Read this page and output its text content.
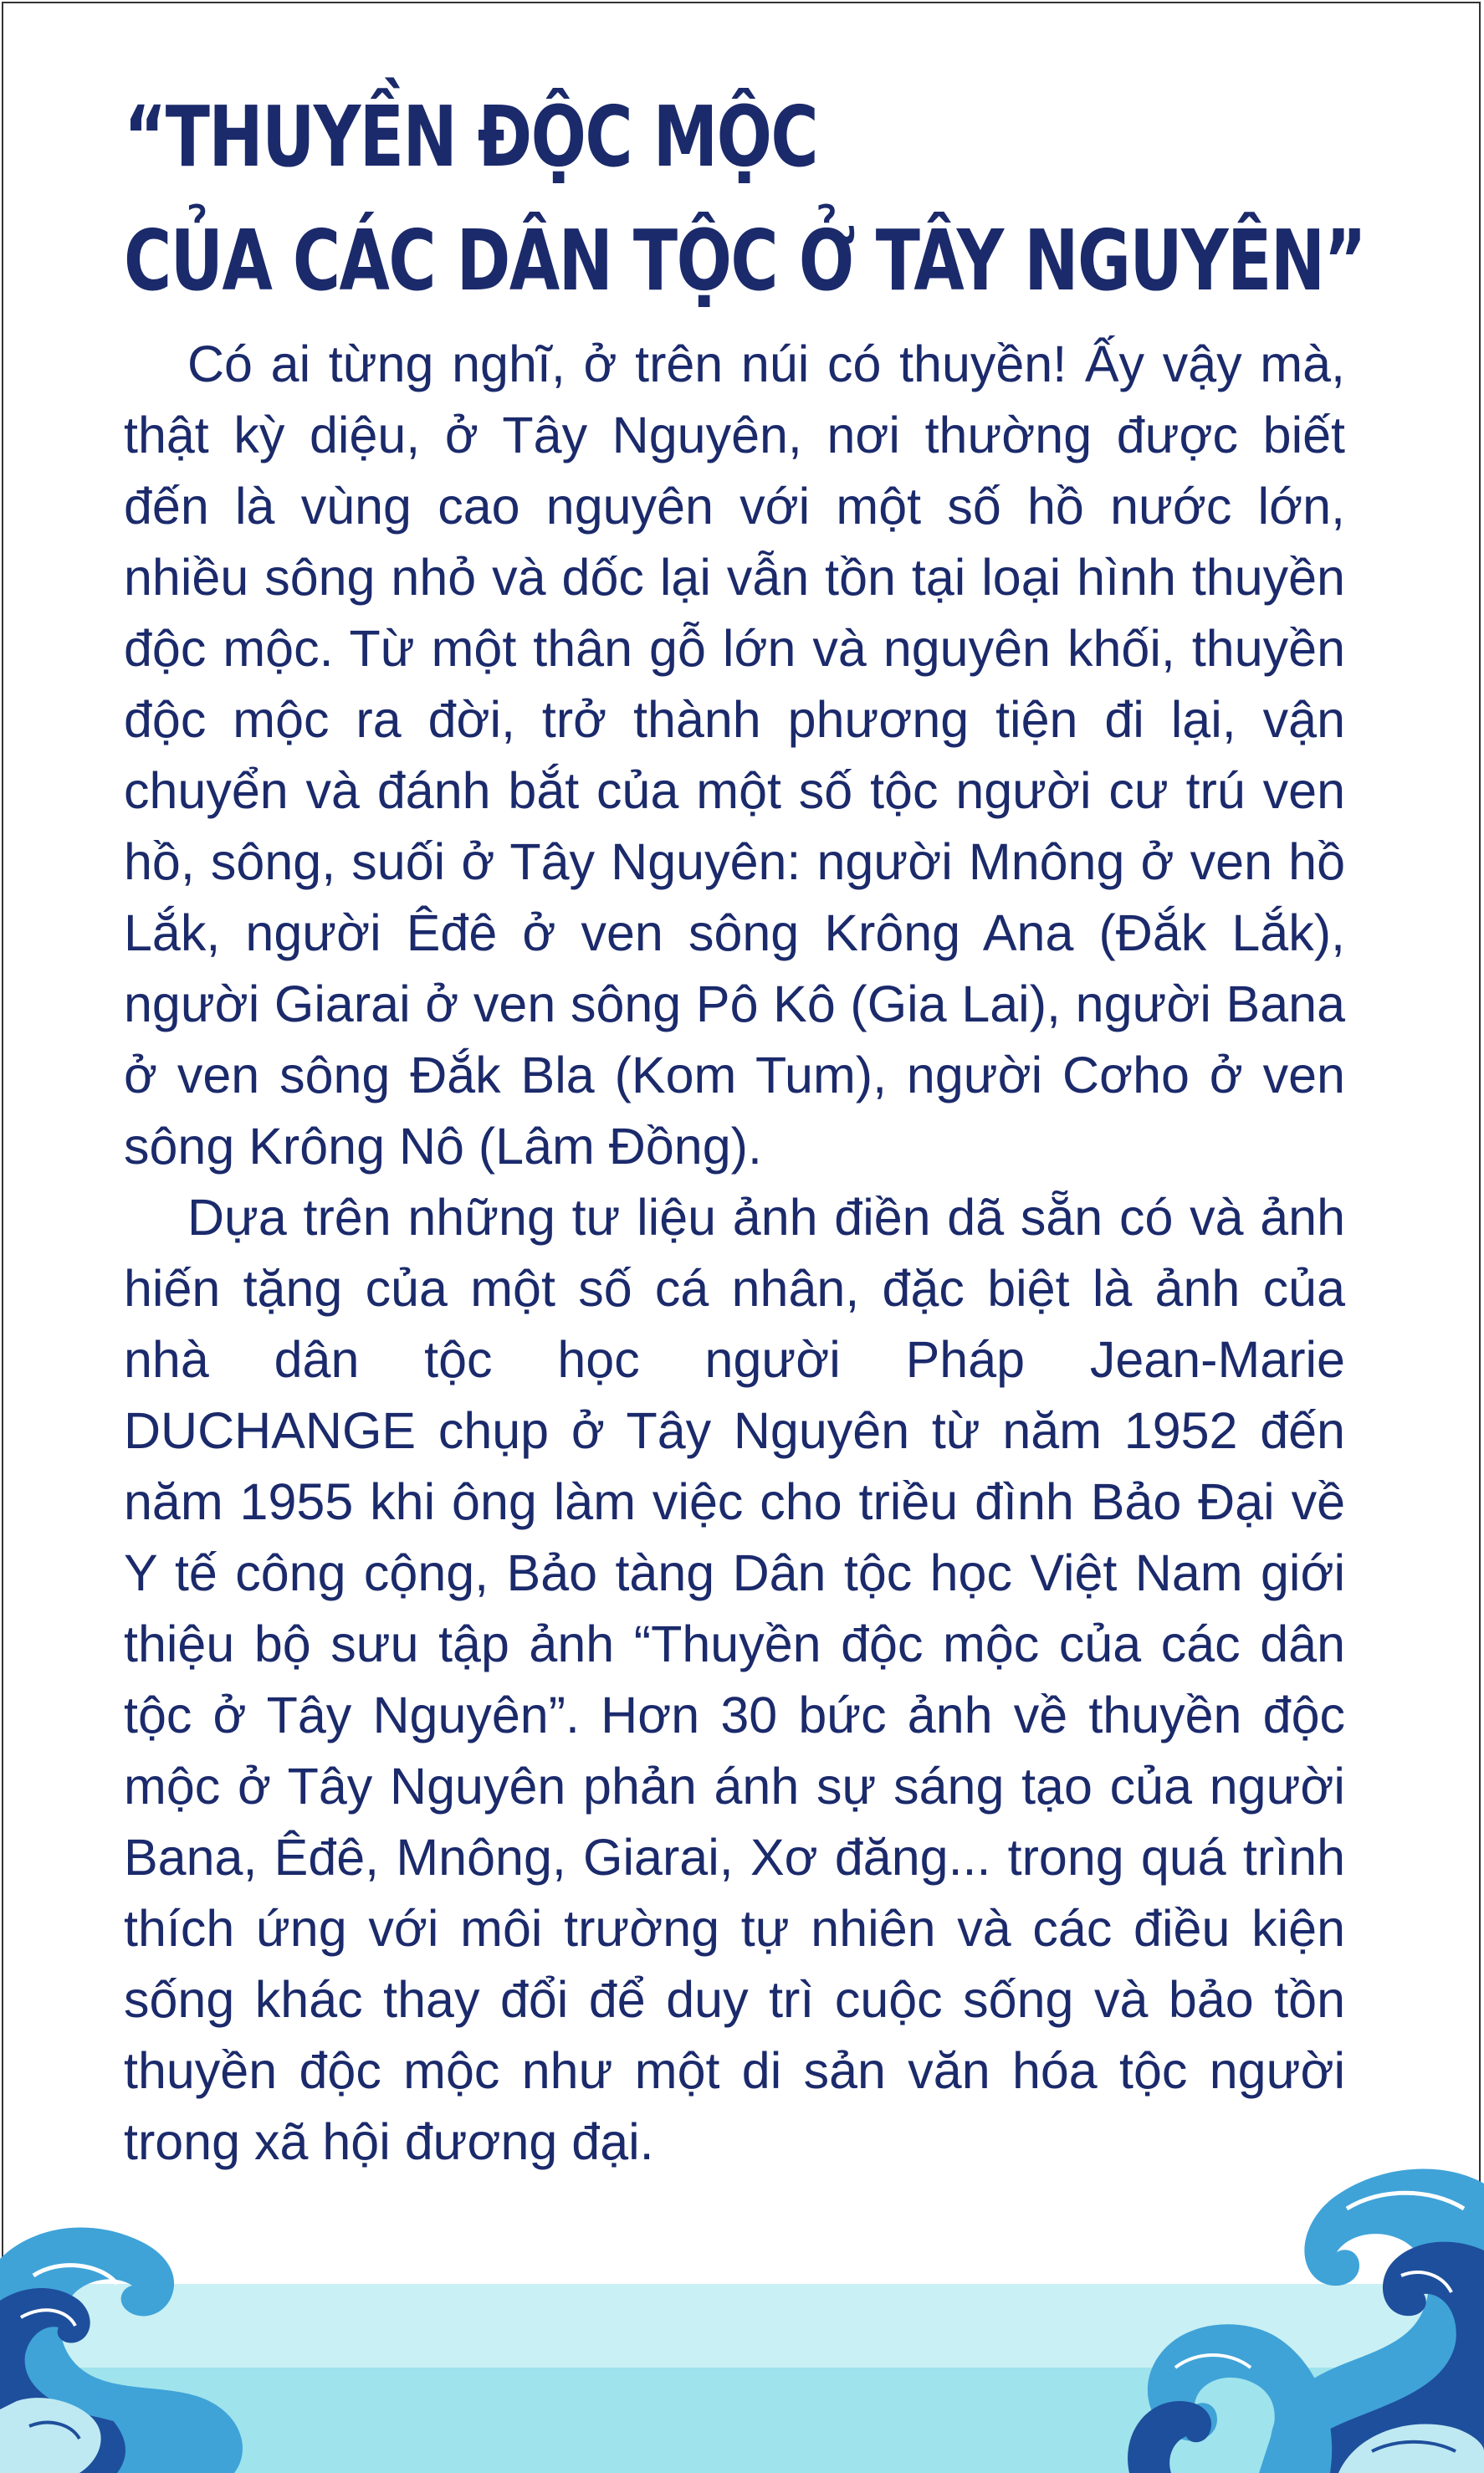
“THUYỀN ĐỘC MỘC
CỦA CÁC DÂN TỘC Ở TÂY NGUYÊN”

Có ai từng nghĩ, ở trên núi có thuyền! Ấy vậy mà, thật kỳ diệu, ở Tây Nguyên, nơi thường được biết đến là vùng cao nguyên với một số hồ nước lớn, nhiều sông nhỏ và dốc lại vẫn tồn tại loại hình thuyền độc mộc. Từ một thân gỗ lớn và nguyên khối, thuyền độc mộc ra đời, trở thành phương tiện đi lại, vận chuyển và đánh bắt của một số tộc người cư trú ven hồ, sông, suối ở Tây Nguyên: người Mnông ở ven hồ Lắk, người Êđê ở ven sông Krông Ana (Đắk Lắk), người Giarai ở ven sông Pô Kô (Gia Lai), người Bana ở ven sông Đắk Bla (Kom Tum), người Cơho ở ven sông Krông Nô (Lâm Đồng).

Dựa trên những tư liệu ảnh điền dã sẵn có và ảnh hiến tặng của một số cá nhân, đặc biệt là ảnh của nhà dân tộc học người Pháp Jean-Marie DUCHANGE chụp ở Tây Nguyên từ năm 1952 đến năm 1955 khi ông làm việc cho triều đình Bảo Đại về Y tế công cộng, Bảo tàng Dân tộc học Việt Nam giới thiệu bộ sưu tập ảnh “Thuyền độc mộc của các dân tộc ở Tây Nguyên”. Hơn 30 bức ảnh về thuyền độc mộc ở Tây Nguyên phản ánh sự sáng tạo của người Bana, Êđê, Mnông, Giarai, Xơ đăng... trong quá trình thích ứng với môi trường tự nhiên và các điều kiện sống khác thay đổi để duy trì cuộc sống và bảo tồn thuyền độc mộc như một di sản văn hóa tộc người trong xã hội đương đại.
